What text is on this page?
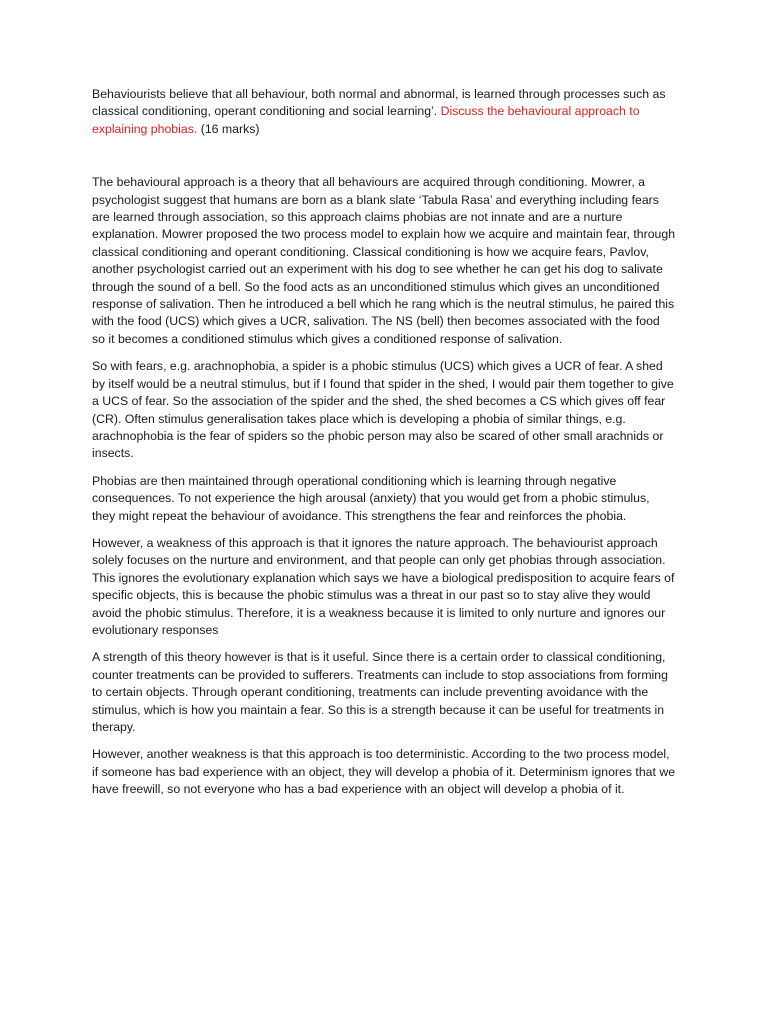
Behaviourists believe that all behaviour, both normal and abnormal, is learned through processes such as classical conditioning, operant conditioning and social learning’. Discuss the behavioural approach to explaining phobias. (16 marks)

The behavioural approach is a theory that all behaviours are acquired through conditioning. Mowrer, a psychologist suggest that humans are born as a blank slate ‘Tabula Rasa’ and everything including fears are learned through association, so this approach claims phobias are not innate and are a nurture explanation. Mowrer proposed the two process model to explain how we acquire and maintain fear, through classical conditioning and operant conditioning. Classical conditioning is how we acquire fears, Pavlov, another psychologist carried out an experiment with his dog to see whether he can get his dog to salivate through the sound of a bell. So the food acts as an unconditioned stimulus which gives an unconditioned response of salivation. Then he introduced a bell which he rang which is the neutral stimulus, he paired this with the food (UCS) which gives a UCR, salivation. The NS (bell) then becomes associated with the food so it becomes a conditioned stimulus which gives a conditioned response of salivation.

So with fears, e.g. arachnophobia, a spider is a phobic stimulus (UCS) which gives a UCR of fear. A shed by itself would be a neutral stimulus, but if I found that spider in the shed, I would pair them together to give a UCS of fear. So the association of the spider and the shed, the shed becomes a CS which gives off fear (CR). Often stimulus generalisation takes place which is developing a phobia of similar things, e.g. arachnophobia is the fear of spiders so the phobic person may also be scared of other small arachnids or insects.

Phobias are then maintained through operational conditioning which is learning through negative consequences. To not experience the high arousal (anxiety) that you would get from a phobic stimulus, they might repeat the behaviour of avoidance. This strengthens the fear and reinforces the phobia.

However, a weakness of this approach is that it ignores the nature approach. The behaviourist approach solely focuses on the nurture and environment, and that people can only get phobias through association. This ignores the evolutionary explanation which says we have a biological predisposition to acquire fears of specific objects, this is because the phobic stimulus was a threat in our past so to stay alive they would avoid the phobic stimulus. Therefore, it is a weakness because it is limited to only nurture and ignores our evolutionary responses

A strength of this theory however is that is it useful. Since there is a certain order to classical conditioning, counter treatments can be provided to sufferers. Treatments can include to stop associations from forming to certain objects. Through operant conditioning, treatments can include preventing avoidance with the stimulus, which is how you maintain a fear. So this is a strength because it can be useful for treatments in therapy.

However, another weakness is that this approach is too deterministic. According to the two process model, if someone has bad experience with an object, they will develop a phobia of it. Determinism ignores that we have freewill, so not everyone who has a bad experience with an object will develop a phobia of it.
